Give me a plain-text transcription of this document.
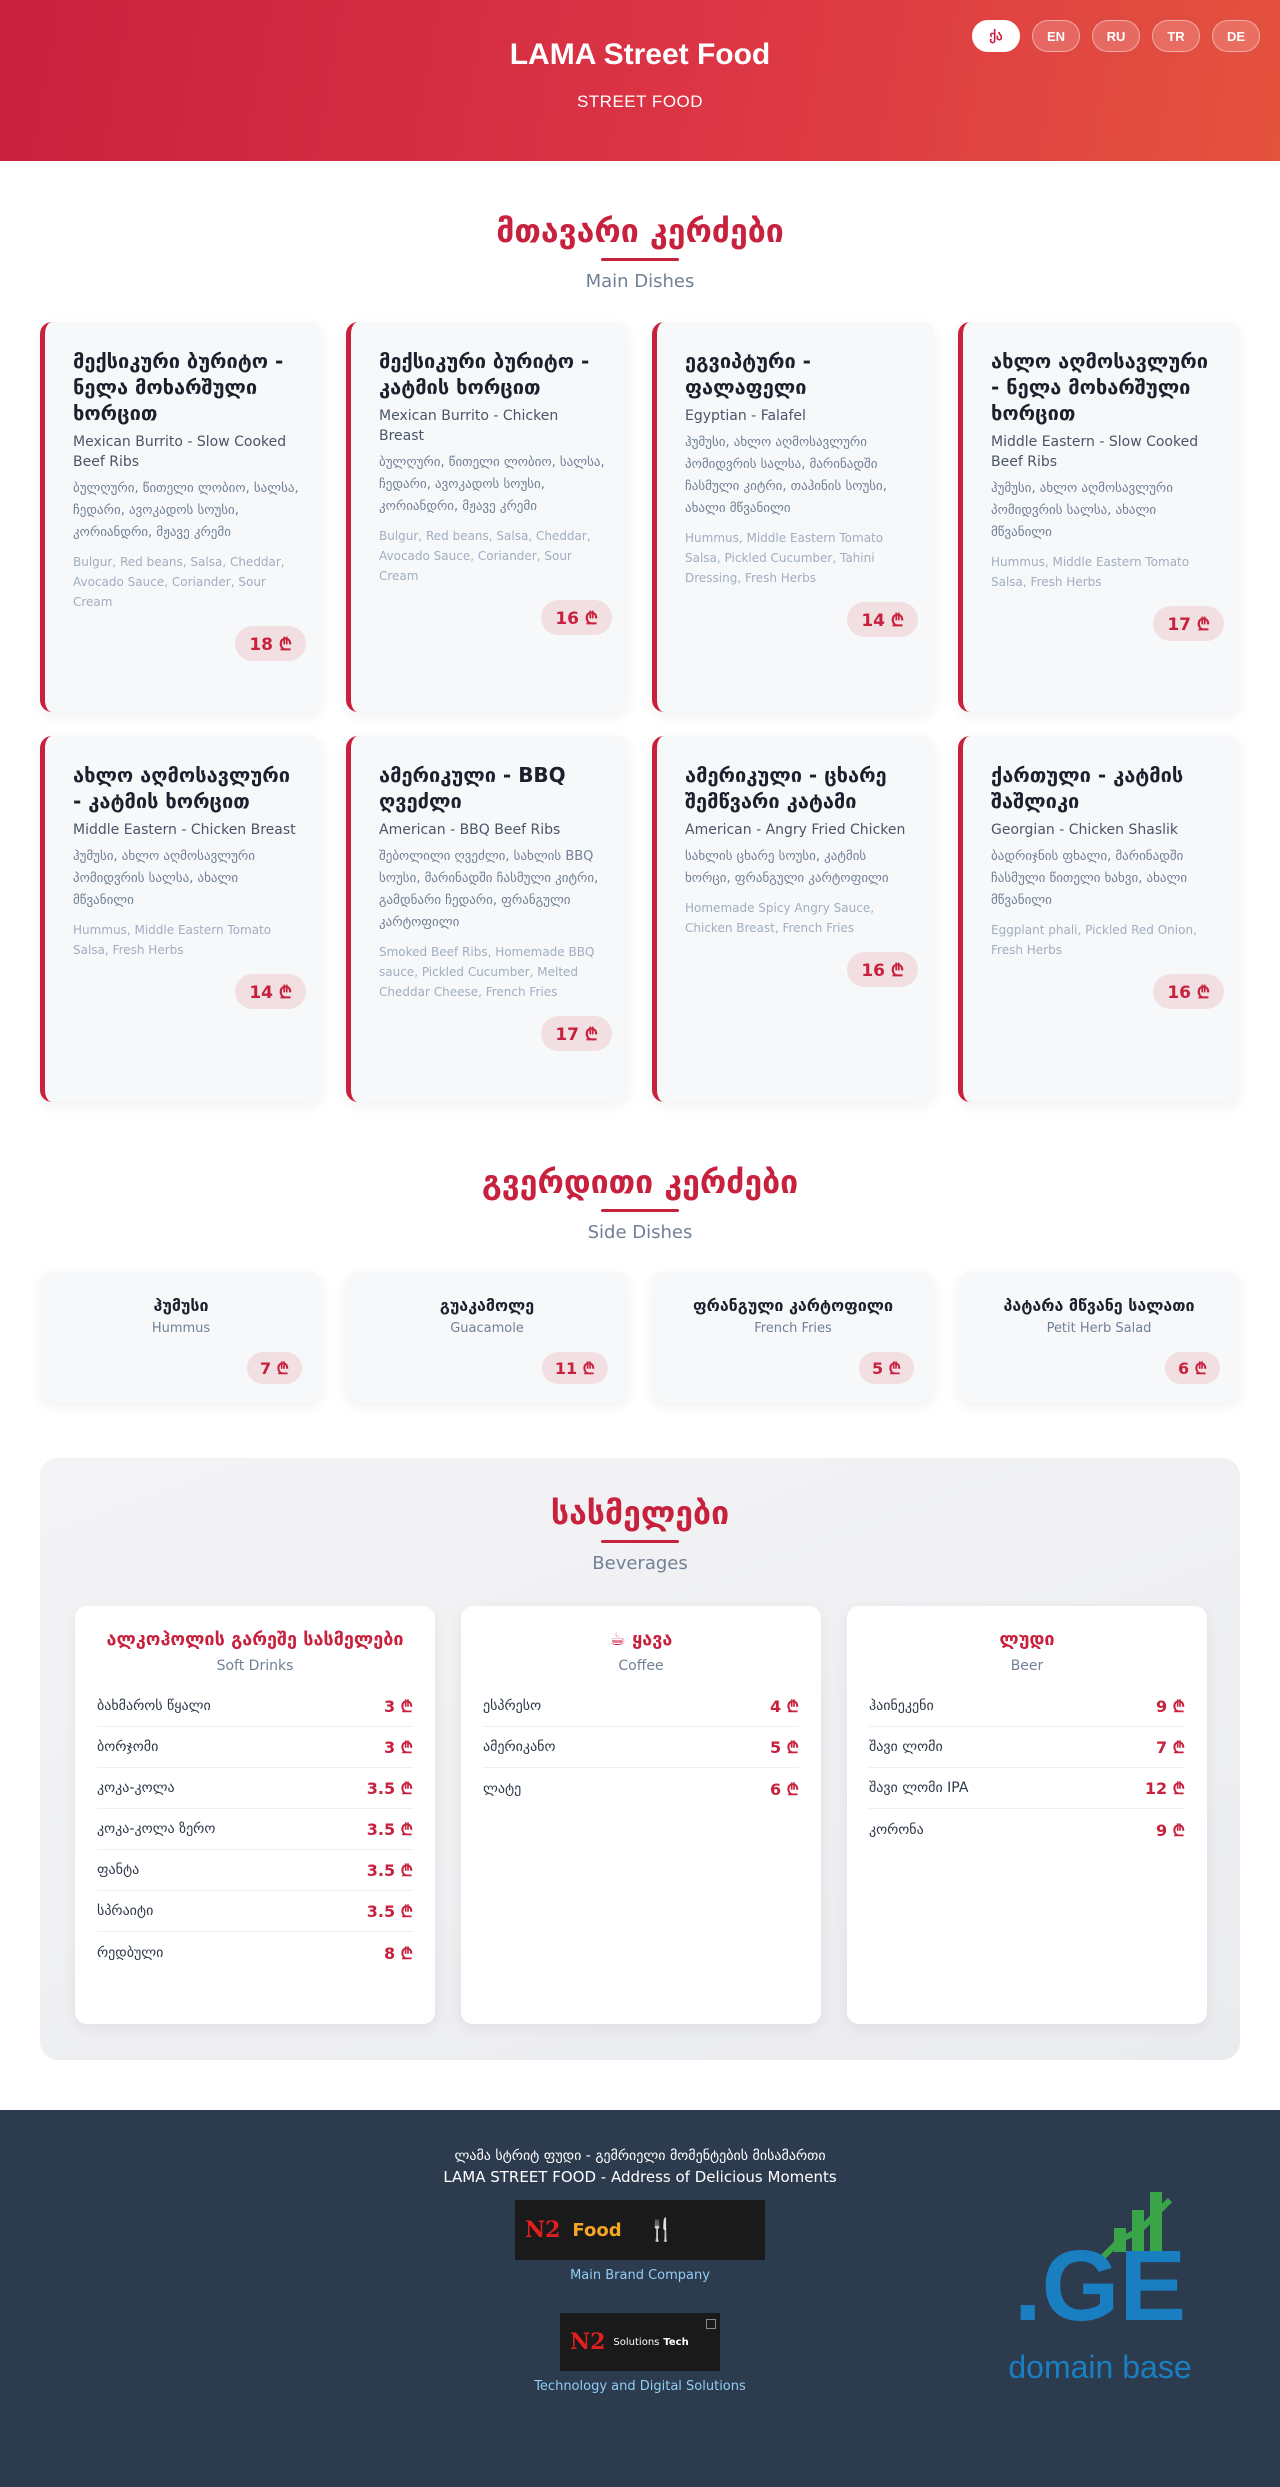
LAMA Street Food
STREET FOOD
ქა	EN	RU	TR	DE
მთავარი კერძები
Main Dishes
მექსიკური ბურიტო - ნელა მოხარშული ხორცით
Mexican Burrito - Slow Cooked Beef Ribs
ბულღური, წითელი ლობიო, სალსა, ჩედარი, ავოკადოს სოუსი, კორიანდრი, მჟავე კრემი
Bulgur, Red beans, Salsa, Cheddar, Avocado Sauce, Coriander, Sour Cream
18 ₾
მექსიკური ბურიტო - კატმის ხორცით
Mexican Burrito - Chicken Breast
ბულღური, წითელი ლობიო, სალსა, ჩედარი, ავოკადოს სოუსი, კორიანდრი, მჟავე კრემი
Bulgur, Red beans, Salsa, Cheddar, Avocado Sauce, Coriander, Sour Cream
16 ₾
ეგვიპტური - ფალაფელი
Egyptian - Falafel
ჰუმუსი, ახლო აღმოსავლური პომიდვრის სალსა, მარინადში ჩასმული კიტრი, თაჰინის სოუსი, ახალი მწვანილი
Hummus, Middle Eastern Tomato Salsa, Pickled Cucumber, Tahini Dressing, Fresh Herbs
14 ₾
ახლო აღმოსავლური - ნელა მოხარშული ხორცით
Middle Eastern - Slow Cooked Beef Ribs
ჰუმუსი, ახლო აღმოსავლური პომიდვრის სალსა, ახალი მწვანილი
Hummus, Middle Eastern Tomato Salsa, Fresh Herbs
17 ₾
ახლო აღმოსავლური - კატმის ხორცით
Middle Eastern - Chicken Breast
ჰუმუსი, ახლო აღმოსავლური პომიდვრის სალსა, ახალი მწვანილი
Hummus, Middle Eastern Tomato Salsa, Fresh Herbs
14 ₾
ამერიკული - BBQ ღვეძლი
American - BBQ Beef Ribs
შებოლილი ღვეძლი, სახლის BBQ სოუსი, მარინადში ჩასმული კიტრი, გამდნარი ჩედარი, ფრანგული კარტოფილი
Smoked Beef Ribs, Homemade BBQ sauce, Pickled Cucumber, Melted Cheddar Cheese, French Fries
17 ₾
ამერიკული - ცხარე შემწვარი კატამი
American - Angry Fried Chicken
სახლის ცხარე სოუსი, კატმის ხორცი, ფრანგული კარტოფილი
Homemade Spicy Angry Sauce, Chicken Breast, French Fries
16 ₾
ქართული - კატმის შაშლიკი
Georgian - Chicken Shaslik
ბადრიჯნის ფხალი, მარინადში ჩასმული წითელი ხახვი, ახალი მწვანილი
Eggplant phali, Pickled Red Onion, Fresh Herbs
16 ₾
გვერდითი კერძები
Side Dishes
ჰუმუსი
Hummus
7 ₾
გუაკამოლე
Guacamole
11 ₾
ფრანგული კარტოფილი
French Fries
5 ₾
პატარა მწვანე სალათი
Petit Herb Salad
6 ₾
სასმელები
Beverages
ალკოჰოლის გარეშე სასმელები
Soft Drinks
ბახმაროს წყალი	3 ₾
ბორჯომი	3 ₾
კოკა-კოლა	3.5 ₾
კოკა-კოლა ზერო	3.5 ₾
ფანტა	3.5 ₾
სპრაიტი	3.5 ₾
რედბული	8 ₾
☕ ყავა
Coffee
ესპრესო	4 ₾
ამერიკანო	5 ₾
ლატე	6 ₾
ლუდი
Beer
ჰაინეკენი	9 ₾
შავი ლომი	7 ₾
შავი ლომი IPA	12 ₾
კორონა	9 ₾
ლამა სტრიტ ფუდი - გემრიელი მომენტების მისამართი
LAMA STREET FOOD - Address of Delicious Moments
N2 Food 🍴
Main Brand Company
N2 Solutions Tech
Technology and Digital Solutions
.GE
domain base
